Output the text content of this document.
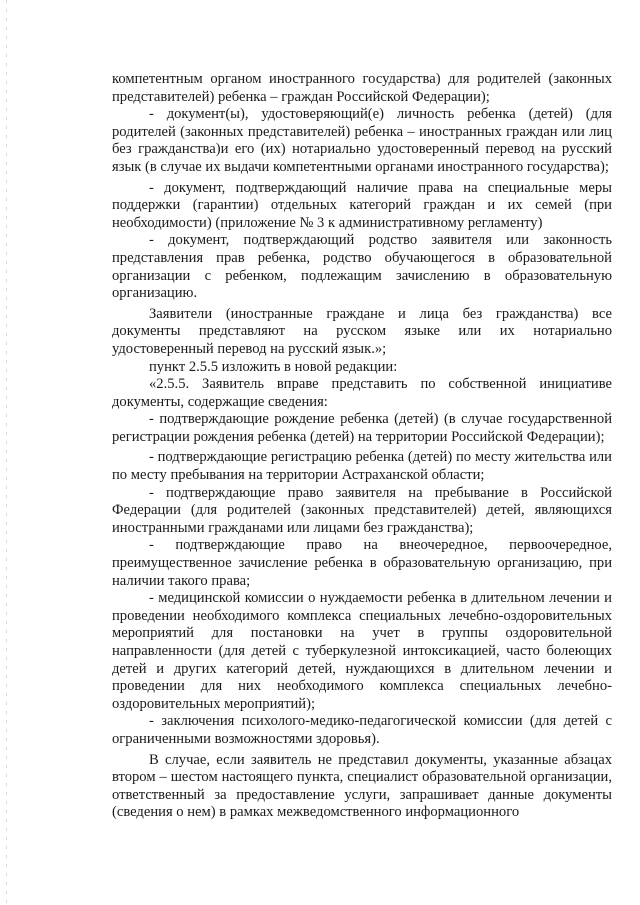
компетентным органом иностранного государства) для родителей (законных представителей) ребенка – граждан Российской Федерации);

- документ(ы), удостоверяющий(е) личность ребенка (детей) (для родителей (законных представителей) ребенка – иностранных граждан или лиц без гражданства)и его (их) нотариально удостоверенный перевод на русский язык (в случае их выдачи компетентными органами иностранного государства);

- документ, подтверждающий наличие права на специальные меры поддержки (гарантии) отдельных категорий граждан и их семей (при необходимости) (приложение № 3 к административному регламенту)

- документ, подтверждающий родство заявителя или законность представления прав ребенка, родство обучающегося в образовательной организации с ребенком, подлежащим зачислению в образовательную организацию.

Заявители (иностранные граждане и лица без гражданства) все документы представляют на русском языке или их нотариально удостоверенный перевод на русский язык.»;

пункт 2.5.5 изложить в новой редакции:

«2.5.5. Заявитель вправе представить по собственной инициативе документы, содержащие сведения:

- подтверждающие рождение ребенка (детей) (в случае государственной регистрации рождения ребенка (детей) на территории Российской Федерации);

- подтверждающие регистрацию ребенка (детей) по месту жительства или по месту пребывания на территории Астраханской области;

- подтверждающие право заявителя на пребывание в Российской Федерации (для родителей (законных представителей) детей, являющихся иностранными гражданами или лицами без гражданства);

- подтверждающие право на внеочередное, первоочередное, преимущественное зачисление ребенка в образовательную организацию, при наличии такого права;

- медицинской комиссии о нуждаемости ребенка в длительном лечении и проведении необходимого комплекса специальных лечебно-оздоровительных мероприятий для постановки на учет в группы оздоровительной направленности (для детей с туберкулезной интоксикацией, часто болеющих детей и других категорий детей, нуждающихся в длительном лечении и проведении для них необходимого комплекса специальных лечебно-оздоровительных мероприятий);

- заключения психолого-медико-педагогической комиссии (для детей с ограниченными возможностями здоровья).

В случае, если заявитель не представил документы, указанные абзацах втором – шестом настоящего пункта, специалист образовательной организации, ответственный за предоставление услуги, запрашивает данные документы (сведения о нем) в рамках межведомственного информационного
